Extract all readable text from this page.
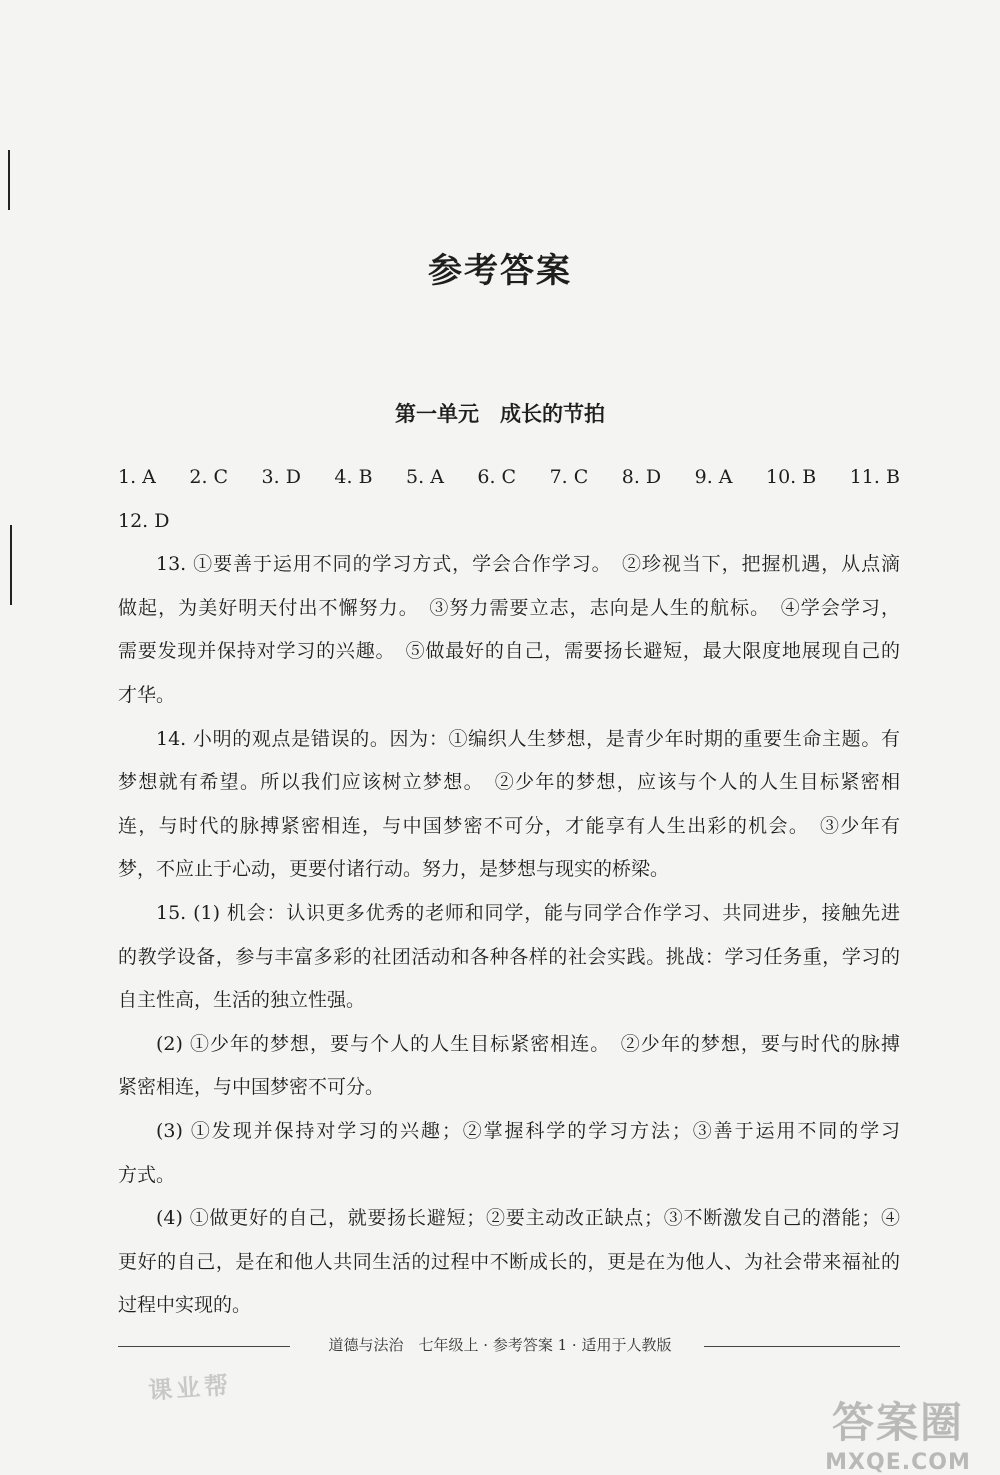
参考答案
第一单元　成长的节拍
1. A 2. C 3. D 4. B 5. A 6. C 7. C 8. D 9. A 10. B 11. B
12. D
13. ①要善于运用不同的学习方式，学会合作学习。　②珍视当下，把握机遇，从点滴
做起，为美好明天付出不懈努力。　③努力需要立志，志向是人生的航标。　④学会学习，
需要发现并保持对学习的兴趣。　⑤做最好的自己，需要扬长避短，最大限度地展现自己的
才华。
14. 小明的观点是错误的。因为：①编织人生梦想，是青少年时期的重要生命主题。有
梦想就有希望。所以我们应该树立梦想。　②少年的梦想，应该与个人的人生目标紧密相
连，与时代的脉搏紧密相连，与中国梦密不可分，才能享有人生出彩的机会。　③少年有
梦，不应止于心动，更要付诸行动。努力，是梦想与现实的桥梁。
15. (1) 机会：认识更多优秀的老师和同学，能与同学合作学习、共同进步，接触先进
的教学设备，参与丰富多彩的社团活动和各种各样的社会实践。挑战：学习任务重，学习的
自主性高，生活的独立性强。
(2) ①少年的梦想，要与个人的人生目标紧密相连。　②少年的梦想，要与时代的脉搏
紧密相连，与中国梦密不可分。
(3) ①发现并保持对学习的兴趣；②掌握科学的学习方法；③善于运用不同的学习
方式。
(4) ①做更好的自己，就要扬长避短；②要主动改正缺点；③不断激发自己的潜能；④
更好的自己，是在和他人共同生活的过程中不断成长的，更是在为他人、为社会带来福祉的
过程中实现的。
道德与法治　七年级上 · 参考答案 1 · 适用于人教版
课业帮
答案圈
MXQE.COM
